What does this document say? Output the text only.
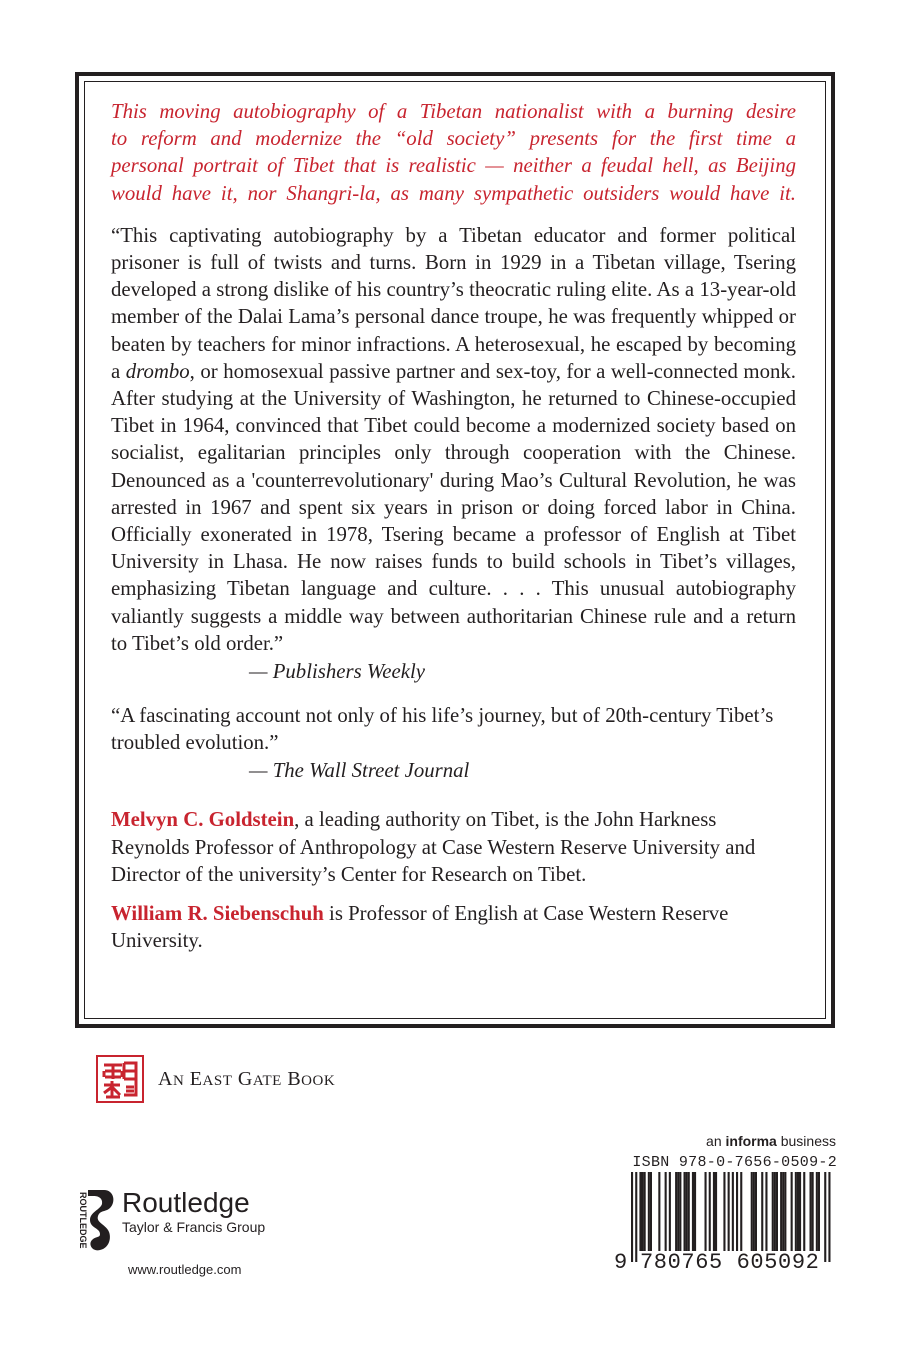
This moving autobiography of a Tibetan nationalist with a burning desire
to reform and modernize the “old society” presents for the first time a
personal portrait of Tibet that is realistic — neither a feudal hell, as Beijing
would have it, nor Shangri-la, as many sympathetic outsiders would have it.

“This captivating autobiography by a Tibetan educator and former political prisoner is full of twists and turns. Born in 1929 in a Tibetan village, Tsering developed a strong dislike of his country’s theocratic ruling elite. As a 13-year-old member of the Dalai Lama’s personal dance troupe, he was frequently whipped or beaten by teachers for minor infractions. A heterosexual, he escaped by becoming a drombo, or homosexual passive partner and sex-toy, for a well-connected monk. After studying at the University of Washington, he returned to Chinese-occupied Tibet in 1964, convinced that Tibet could become a modernized society based on socialist, egalitarian principles only through cooperation with the Chinese. Denounced as a 'counterrevolutionary' during Mao’s Cultural Revolution, he was arrested in 1967 and spent six years in prison or doing forced labor in China. Officially exonerated in 1978, Tsering became a professor of English at Tibet University in Lhasa. He now raises funds to build schools in Tibet’s villages, emphasizing Tibetan language and culture. . . . This unusual autobiography valiantly suggests a middle way between authoritarian Chinese rule and a return to Tibet’s old order.”

— Publishers Weekly

“A fascinating account not only of his life’s journey, but of 20th-century Tibet’s troubled evolution.”

— The Wall Street Journal

Melvyn C. Goldstein, a leading authority on Tibet, is the John Harkness Reynolds Professor of Anthropology at Case Western Reserve University and Director of the university’s Center for Research on Tibet.

William R. Siebenschuh is Professor of English at Case Western Reserve University.

AN EAST GATE BOOK
ROUTLEDGE Routledge
Taylor & Francis Group
www.routledge.com
an informa business
ISBN 978-0-7656-0509-2
9 780765 605092
